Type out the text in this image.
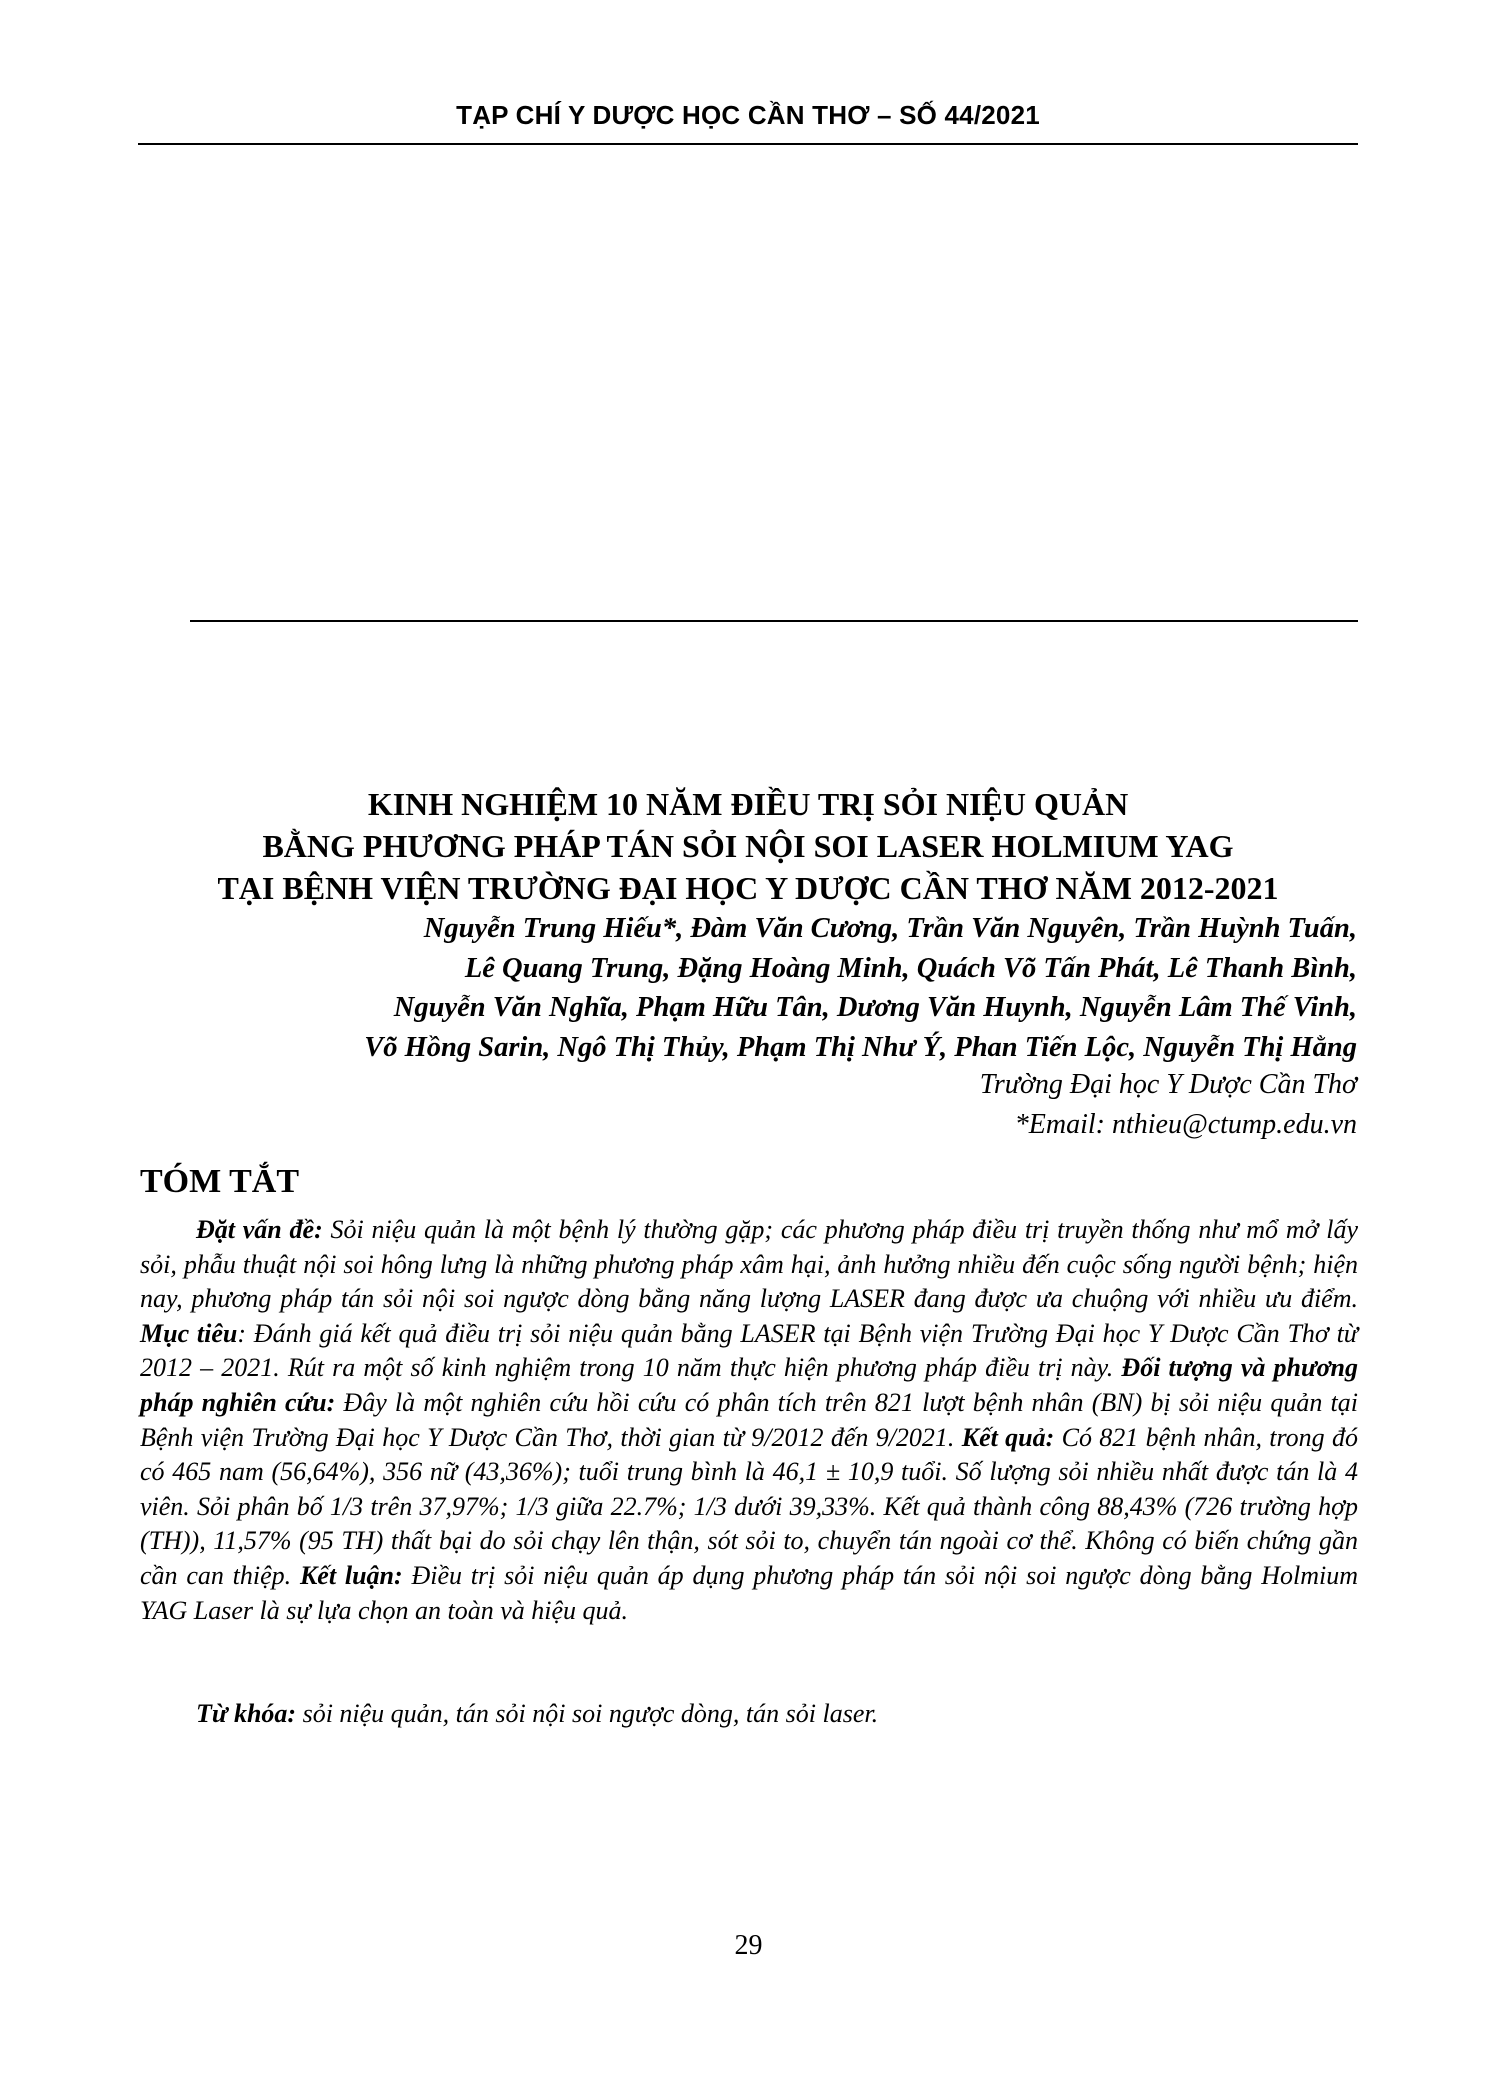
TẠP CHÍ Y DƯỢC HỌC CẦN THƠ – SỐ 44/2021
KINH NGHIỆM 10 NĂM ĐIỀU TRỊ SỎI NIỆU QUẢN
BẰNG PHƯƠNG PHÁP TÁN SỎI NỘI SOI LASER HOLMIUM YAG
TẠI BỆNH VIỆN TRƯỜNG ĐẠI HỌC Y DƯỢC CẦN THƠ NĂM 2012-2021
Nguyễn Trung Hiếu*, Đàm Văn Cương, Trần Văn Nguyên, Trần Huỳnh Tuấn,
Lê Quang Trung, Đặng Hoàng Minh, Quách Võ Tấn Phát, Lê Thanh Bình,
Nguyễn Văn Nghĩa, Phạm Hữu Tân, Dương Văn Huynh, Nguyễn Lâm Thế Vinh,
Võ Hồng Sarin, Ngô Thị Thủy, Phạm Thị Như Ý, Phan Tiến Lộc, Nguyễn Thị Hằng
Trường Đại học Y Dược Cần Thơ
*Email: nthieu@ctump.edu.vn
TÓM TẮT

Đặt vấn đề: Sỏi niệu quản là một bệnh lý thường gặp; các phương pháp điều trị truyền thống như mổ mở lấy sỏi, phẫu thuật nội soi hông lưng là những phương pháp xâm hại, ảnh hưởng nhiều đến cuộc sống người bệnh; hiện nay, phương pháp tán sỏi nội soi ngược dòng bằng năng lượng LASER đang được ưa chuộng với nhiều ưu điểm. Mục tiêu: Đánh giá kết quả điều trị sỏi niệu quản bằng LASER tại Bệnh viện Trường Đại học Y Dược Cần Thơ từ 2012 – 2021. Rút ra một số kinh nghiệm trong 10 năm thực hiện phương pháp điều trị này. Đối tượng và phương pháp nghiên cứu: Đây là một nghiên cứu hồi cứu có phân tích trên 821 lượt bệnh nhân (BN) bị sỏi niệu quản tại Bệnh viện Trường Đại học Y Dược Cần Thơ, thời gian từ 9/2012 đến 9/2021. Kết quả: Có 821 bệnh nhân, trong đó có 465 nam (56,64%), 356 nữ (43,36%); tuổi trung bình là 46,1 ± 10,9 tuổi. Số lượng sỏi nhiều nhất được tán là 4 viên. Sỏi phân bố 1/3 trên 37,97%; 1/3 giữa 22.7%; 1/3 dưới 39,33%. Kết quả thành công 88,43% (726 trường hợp (TH)), 11,57% (95 TH) thất bại do sỏi chạy lên thận, sót sỏi to, chuyển tán ngoài cơ thể. Không có biến chứng gần cần can thiệp. Kết luận: Điều trị sỏi niệu quản áp dụng phương pháp tán sỏi nội soi ngược dòng bằng Holmium YAG Laser là sự lựa chọn an toàn và hiệu quả.

Từ khóa: sỏi niệu quản, tán sỏi nội soi ngược dòng, tán sỏi laser.

29
